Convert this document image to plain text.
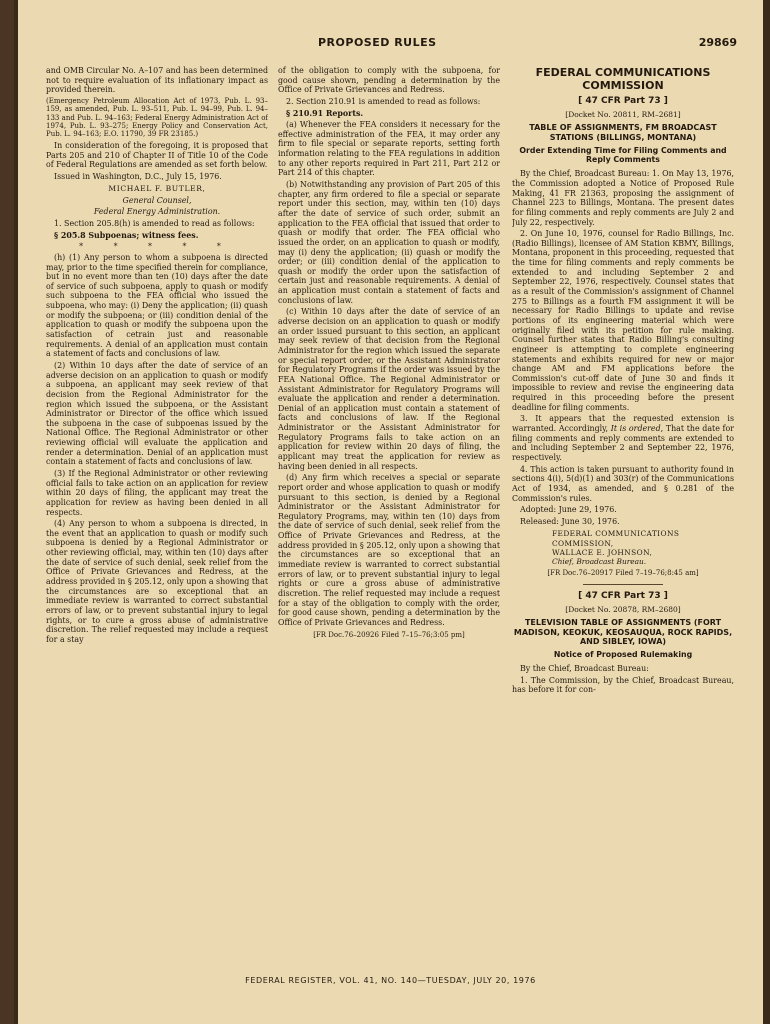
PROPOSED RULES	29869

and OMB Circular No. A–107 and has been determined not to require evaluation of its inflationary impact as provided therein.

(Emergency Petroleum Allocation Act of 1973, Pub. L. 93–159, as amended, Pub. L. 93–511, Pub. L. 94–99, Pub. L. 94–133 and Pub. L. 94–163; Federal Energy Administration Act of 1974, Pub. L. 93–275; Energy Policy and Conservation Act, Pub. L. 94–163; E.O. 11790, 39 FR 23185.)

In consideration of the foregoing, it is proposed that Parts 205 and 210 of Chapter II of Title 10 of the Code of Federal Regulations are amended as set forth below.

Issued in Washington, D.C., July 15, 1976.

MICHAEL F. BUTLER,
General Counsel,
Federal Energy Administration.

1. Section 205.8(h) is amended to read as follows:

§ 205.8 Subpoenas; witness fees.

* * * * *

(h) (1) Any person to whom a subpoena is directed may, prior to the time specified therein for compliance, but in no event more than ten (10) days after the date of service of such subpoena, apply to quash or modify such subpoena to the FEA official who issued the subpoena, who may: (i) Deny the application; (ii) quash or modify the subpoena; or (iii) condition denial of the application to quash or modify the subpoena upon the satisfaction of cetrain just and reasonable requirements. A denial of an application must contain a statement of facts and conclusions of law.

(2) Within 10 days after the date of service of an adverse decision on an application to quash or modify a subpoena, an applicant may seek review of that decision from the Regional Administrator for the region which issued the subpoena, or the Assistant Administrator or Director of the office which issued the subpoena in the case of subpoenas issued by the National Office. The Regional Administrator or other reviewing official will evaluate the application and render a determination. Denial of an application must contain a statement of facts and conclusions of law.

(3) If the Regional Administrator or other reviewing official fails to take action on an application for review within 20 days of filing, the applicant may treat the application for review as having been denied in all respects.

(4) Any person to whom a subpoena is directed, in the event that an application to quash or modify such subpoena is denied by a Regional Administrator or other reviewing official, may, within ten (10) days after the date of service of such denial, seek relief from the Office of Private Grievances and Redress, at the address provided in § 205.12, only upon a showing that the circumstances are so exceptional that an immediate review is warranted to correct substantial errors of law, or to prevent substantial injury to legal rights, or to cure a gross abuse of administrative discretion. The relief requested may include a request for a stay

of the obligation to comply with the subpoena, for good cause shown, pending a determination by the Office of Private Grievances and Redress.

2. Section 210.91 is amended to read as follows:

§ 210.91 Reports.

(a) Whenever the FEA considers it necessary for the effective administration of the FEA, it may order any firm to file special or separate reports, setting forth information relating to the FEA regulations in addition to any other reports required in Part 211, Part 212 or Part 214 of this chapter.

(b) Notwithstanding any provision of Part 205 of this chapter, any firm ordered to file a special or separate report under this section, may, within ten (10) days after the date of service of such order, submit an application to the FEA official that issued that order to quash or modify that order. The FEA official who issued the order, on an application to quash or modify, may (i) deny the application; (ii) quash or modify the order; or (iii) condition denial of the application to quash or modify the order upon the satisfaction of certain just and reasonable requirements. A denial of an application must contain a statement of facts and conclusions of law.

(c) Within 10 days after the date of service of an adverse decision on an application to quash or modify an order issued pursuant to this section, an applicant may seek review of that decision from the Regional Administrator for the region which issued the separate or special report order, or the Assistant Administrator for Regulatory Programs if the order was issued by the FEA National Office. The Regional Administrator or Assistant Administrator for Regulatory Programs will evaluate the application and render a determination. Denial of an application must contain a statement of facts and conclusions of law. If the Regional Administrator or the Assistant Administrator for Regulatory Programs fails to take action on an application for review within 20 days of filing, the applicant may treat the application for review as having been denied in all respects.

(d) Any firm which receives a special or separate report order and whose application to quash or modify pursuant to this section, is denied by a Regional Administrator or the Assistant Administrator for Regulatory Programs, may, within ten (10) days from the date of service of such denial, seek relief from the Office of Private Grievances and Redress, at the address provided in § 205.12, only upon a showing that the circumstances are so exceptional that an immediate review is warranted to correct substantial errors of law, or to prevent substantial injury to legal rights or cure a gross abuse of administrative discretion. The relief requested may include a request for a stay of the obligation to comply with the order, for good cause shown, pending a determination by the Office of Private Grievances and Redress.

[FR Doc.76–20926 Filed 7–15–76;3:05 pm]
FEDERAL COMMUNICATIONS COMMISSION
[ 47 CFR Part 73 ]
[Docket No. 20811, RM–2681]
TABLE OF ASSIGNMENTS, FM BROADCAST STATIONS (BILLINGS, MONTANA)
Order Extending Time for Filing Comments and Reply Comments

By the Chief, Broadcast Bureau: 1. On May 13, 1976, the Commission adopted a Notice of Proposed Rule Making, 41 FR 21363, proposing the assignment of Channel 223 to Billings, Montana. The present dates for filing comments and reply comments are July 2 and July 22, respectively.

2. On June 10, 1976, counsel for Radio Billings, Inc. (Radio Billings), licensee of AM Station KBMY, Billings, Montana, proponent in this proceeding, requested that the time for filing comments and reply comments be extended to and including September 2 and September 22, 1976, respectively. Counsel states that as a result of the Commission's assignment of Channel 275 to Billings as a fourth FM assignment it will be necessary for Radio Billings to update and revise portions of its engineering material which were originally filed with its petition for rule making. Counsel further states that Radio Billing's consulting engineer is attempting to complete engineering statements and exhibits required for new or major change AM and FM applications before the Commission's cut-off date of June 30 and finds it impossible to review and revise the engineering data required in this proceeding before the present deadline for filing comments.

3. It appears that the requested extension is warranted. Accordingly, It is ordered, That the date for filing comments and reply comments are extended to and including September 2 and September 22, 1976, respectively.

4. This action is taken pursuant to authority found in sections 4(i), 5(d)(1) and 303(r) of the Communications Act of 1934, as amended, and § 0.281 of the Commission's rules.

Adopted: June 29, 1976.

Released: June 30, 1976.

FEDERAL COMMUNICATIONS
COMMISSION,
WALLACE E. JOHNSON,
Chief, Broadcast Bureau.
[FR Doc.76–20917 Filed 7–19–76;8:45 am]
[ 47 CFR Part 73 ]
[Docket No. 20878, RM–2680]
TELEVISION TABLE OF ASSIGNMENTS (FORT MADISON, KEOKUK, KEOSAUQUA, ROCK RAPIDS, AND SIBLEY, IOWA)
Notice of Proposed Rulemaking

By the Chief, Broadcast Bureau:

1. The Commission, by the Chief, Broadcast Bureau, has before it for con-

FEDERAL REGISTER, VOL. 41, NO. 140—TUESDAY, JULY 20, 1976
